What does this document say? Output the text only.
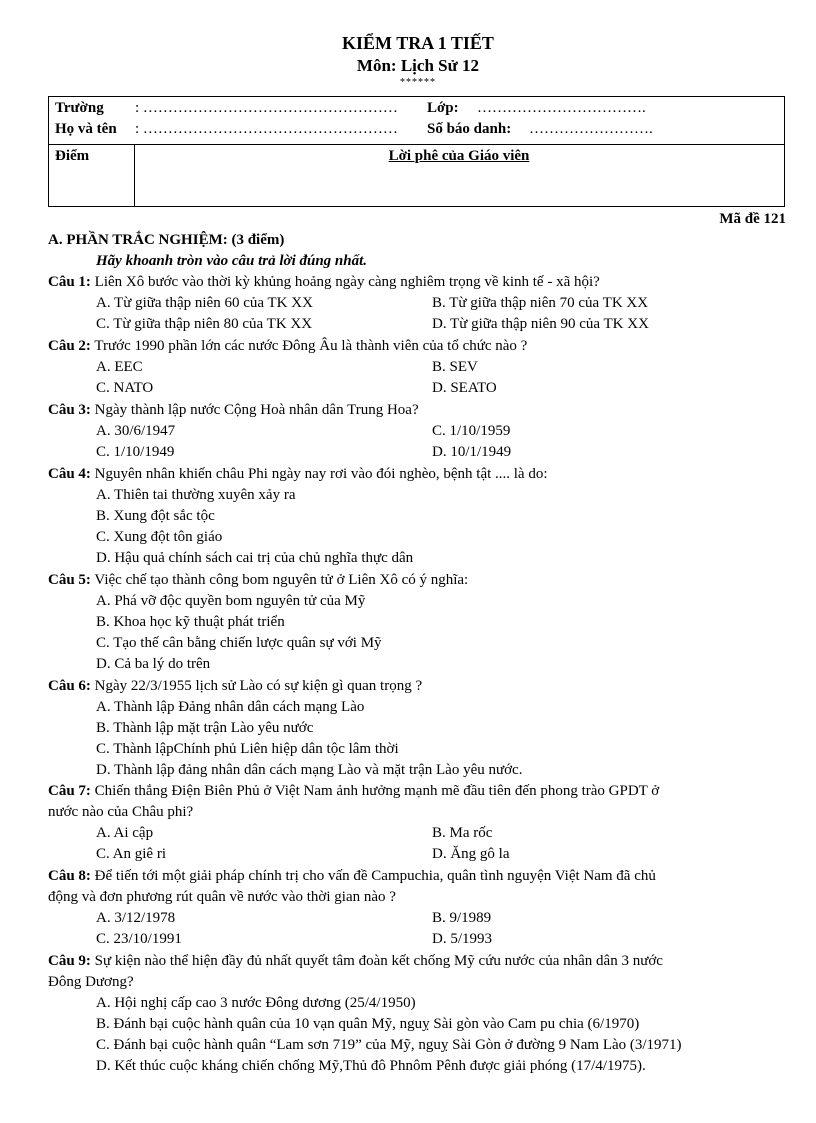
KIỂM TRA 1 TIẾT
Môn: Lịch Sử 12
******
Trường : …………………………………………… Lớp: …………………………….
Họ và tên : …………………………………………… Số báo danh: …………………….
Điểm	Lời phê của Giáo viên
Mã đề 121
A. PHẦN TRẮC NGHIỆM: (3 điểm)
Hãy khoanh tròn vào câu trả lời đúng nhất.
Câu 1: Liên Xô bước vào thời kỳ khủng hoảng ngày càng nghiêm trọng về kinh tế - xã hội?
A. Từ giữa thập niên 60 của TK XX	B. Từ giữa thập niên 70 của TK XX
C. Từ giữa thập niên 80 của TK XX	D. Từ giữa thập niên 90 của TK XX
Câu 2: Trước 1990 phần lớn các nước Đông Âu là thành viên của tổ chức nào ?
A. EEC	B. SEV
C. NATO	D. SEATO
Câu 3: Ngày thành lập nước Cộng Hoà nhân dân Trung Hoa?
A. 30/6/1947	C. 1/10/1959
C. 1/10/1949	D. 10/1/1949
Câu 4: Nguyên nhân khiến châu Phi ngày nay rơi vào đói nghèo, bệnh tật .... là do:
A. Thiên tai thường xuyên xảy ra
B. Xung đột sắc tộc
C. Xung đột tôn giáo
D. Hậu quả chính sách cai trị của chủ nghĩa thực dân
Câu 5: Việc chế tạo thành công bom nguyên tử ở Liên Xô có ý nghĩa:
A. Phá vỡ độc quyền bom nguyên tử của Mỹ
B. Khoa học kỹ thuật phát triển
C. Tạo thế cân bằng chiến lược quân sự với Mỹ
D. Cả ba lý do trên
Câu 6: Ngày 22/3/1955 lịch sử Lào có sự kiện gì quan trọng ?
A. Thành lập Đảng nhân dân cách mạng Lào
B. Thành lập mặt trận Lào yêu nước
C. Thành lậpChính phủ Liên hiệp dân tộc lâm thời
D. Thành lập đảng nhân dân cách mạng Lào và mặt trận Lào yêu nước.
Câu 7: Chiến thắng Điện Biên Phủ ở Việt Nam ảnh hưởng mạnh mẽ đầu tiên đến phong trào GPDT ở
nước nào của Châu phi?
A. Ai cập	B. Ma rốc
C. An giê ri	D. Ăng gô la
Câu 8: Để tiến tới một giải pháp chính trị cho vấn đề Campuchia, quân tình nguyện Việt Nam đã chủ
động và đơn phương rút quân về nước vào thời gian nào ?
A. 3/12/1978	B. 9/1989
C. 23/10/1991	D. 5/1993
Câu 9: Sự kiện nào thể hiện đầy đủ nhất quyết tâm đoàn kết chống Mỹ cứu nước của nhân dân 3 nước
Đông Dương?
A. Hội nghị cấp cao 3 nước Đông dương (25/4/1950)
B. Đánh bại cuộc hành quân của 10 vạn quân Mỹ, nguỵ Sài gòn vào Cam pu chia (6/1970)
C. Đánh bại cuộc hành quân “Lam sơn 719” của Mỹ, nguỵ Sài Gòn ở đường 9 Nam Lào (3/1971)
D. Kết thúc cuộc kháng chiến chống Mỹ,Thủ đô Phnôm Pênh được giải phóng (17/4/1975).
